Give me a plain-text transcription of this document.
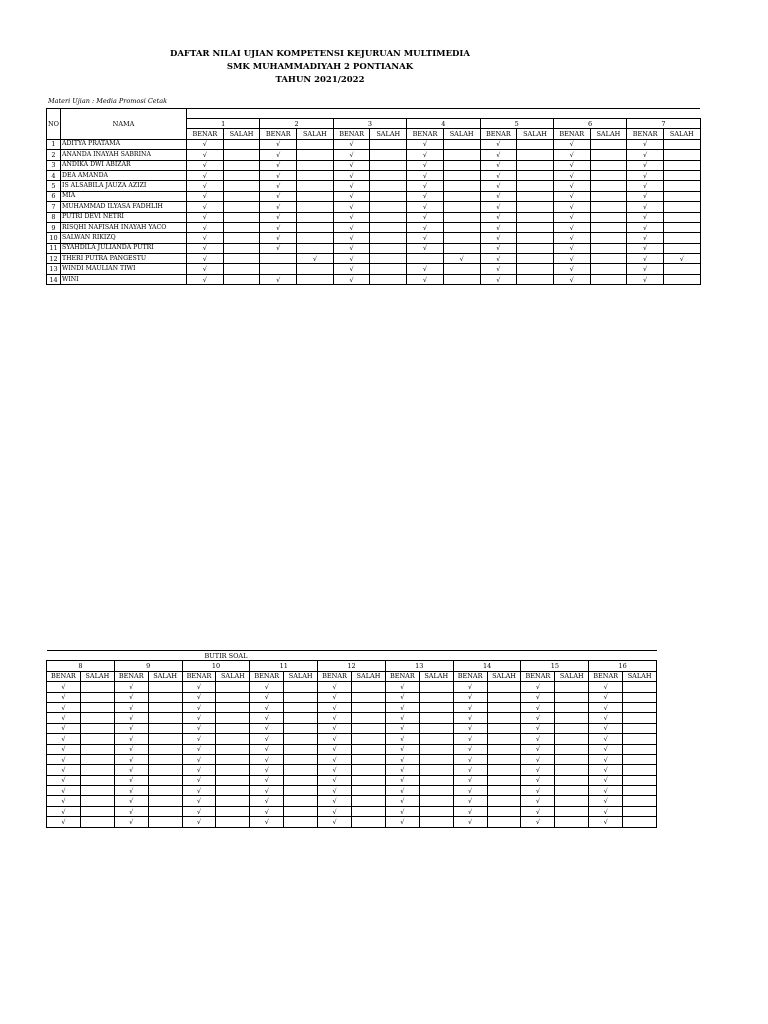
DAFTAR NILAI UJIAN KOMPETENSI KEJURUAN MULTIMEDIA
SMK MUHAMMADIYAH 2 PONTIANAK
TAHUN 2021/2022
Materi Ujian : Media Promosi Cetak
NO	NAMA														
		1		2		3		4		5		6		7	
		BENAR	SALAH	BENAR	SALAH	BENAR	SALAH	BENAR	SALAH	BENAR	SALAH	BENAR	SALAH	BENAR	SALAH
1	ADITYA PRATAMA	√		√		√		√		√		√		√	
2	ANANDA INAYAH SABRINA	√		√		√		√		√		√		√	
3	ANDIKA DWI ABIZAR	√		√		√		√		√		√		√	
4	DEA AMANDA	√		√		√		√		√		√		√	
5	IS ALSABILA JAUZA AZIZI	√		√		√		√		√		√		√	
6	MIA	√		√		√		√		√		√		√	
7	MUHAMMAD ILYASA FADHLIH	√		√		√		√		√		√		√	
8	PUTRI DEVI NETRI	√		√		√		√		√		√		√	
9	RISQHI NAFISAH INAYAH YACO	√		√		√		√		√		√		√	
10	SALWAN RIKIZQ	√		√		√		√		√		√		√	
11	SYAHDILA JULIANDA PUTRI	√		√		√		√		√		√		√	
12	THERI PUTRA PANGESTU	√			√	√			√	√		√		√	√
13	WINDI MAULIAN TIWI	√				√		√		√		√		√	
14	WINI	√		√		√		√		√		√		√	
BUTIR SOAL																	
8		9		10		11		12		13		14		15		16	
BENAR	SALAH	BENAR	SALAH	BENAR	SALAH	BENAR	SALAH	BENAR	SALAH	BENAR	SALAH	BENAR	SALAH	BENAR	SALAH	BENAR	SALAH
√		√		√		√		√		√		√		√		√	
√		√		√		√		√		√		√		√		√	
√		√		√		√		√		√		√		√		√	
√		√		√		√		√		√		√		√		√	
√		√		√		√		√		√		√		√		√	
√		√		√		√		√		√		√		√		√	
√		√		√		√		√		√		√		√		√	
√		√		√		√		√		√		√		√		√	
√		√		√		√		√		√		√		√		√	
√		√		√		√		√		√		√		√		√	
√		√		√		√		√		√		√		√		√	
√		√		√		√		√		√		√		√		√	
√		√		√		√		√		√		√		√		√	
√		√		√		√		√		√		√		√		√	
